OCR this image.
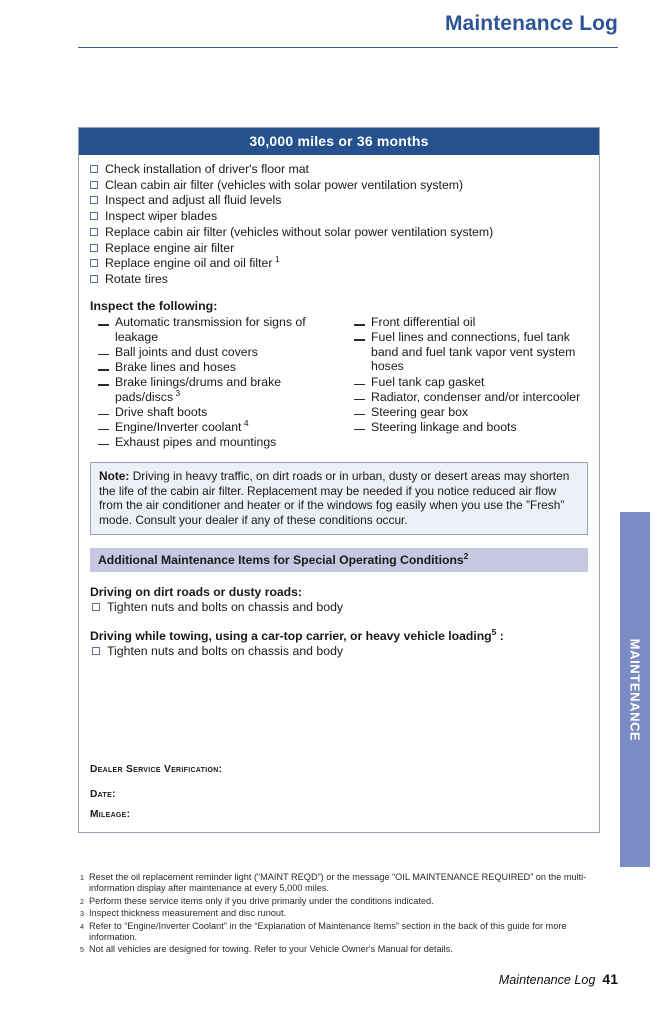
Maintenance Log
MAINTENANCE
30,000 miles or 36 months
Check installation of driver's floor mat
Clean cabin air filter (vehicles with solar power ventilation system)
Inspect and adjust all fluid levels
Inspect wiper blades
Replace cabin air filter (vehicles without solar power ventilation system)
Replace engine air filter
Replace engine oil and oil filter $^1$
Rotate tires
Inspect the following:
Automatic transmission for signs of leakage
Ball joints and dust covers
Brake lines and hoses
Brake linings/drums and brake pads/discs $^3$
Drive shaft boots
Engine/Inverter coolant $^4$
Exhaust pipes and mountings
Front differential oil
Fuel lines and connections, fuel tank band and fuel tank vapor vent system hoses
Fuel tank cap gasket
Radiator, condenser and/or intercooler
Steering gear box
Steering linkage and boots
Note: Driving in heavy traffic, on dirt roads or in urban, dusty or desert areas may shorten the life of the cabin air filter. Replacement may be needed if you notice reduced air flow from the air conditioner and heater or if the windows fog easily when you use the ”Fresh” mode. Consult your dealer if any of these conditions occur.
Additional Maintenance Items for Special Operating Conditions$^2$
Driving on dirt roads or dusty roads:
Tighten nuts and bolts on chassis and body
Driving while towing, using a car-top carrier, or heavy vehicle loading$^5$ :
Tighten nuts and bolts on chassis and body
Dealer Service Verification:
Date:
Mileage:
1 Reset the oil replacement reminder light (“MAINT REQD”) or the message “OIL MAINTENANCE REQUIRED” on the multi-information display after maintenance at every 5,000 miles.
2 Perform these service items only if you drive primarily under the conditions indicated.
3 Inspect thickness measurement and disc runout.
4 Refer to “Engine/Inverter Coolant” in the “Explanation of Maintenance Items” section in the back of this guide for more information.
5 Not all vehicles are designed for towing. Refer to your Vehicle Owner's Manual for details.
Maintenance Log 41
